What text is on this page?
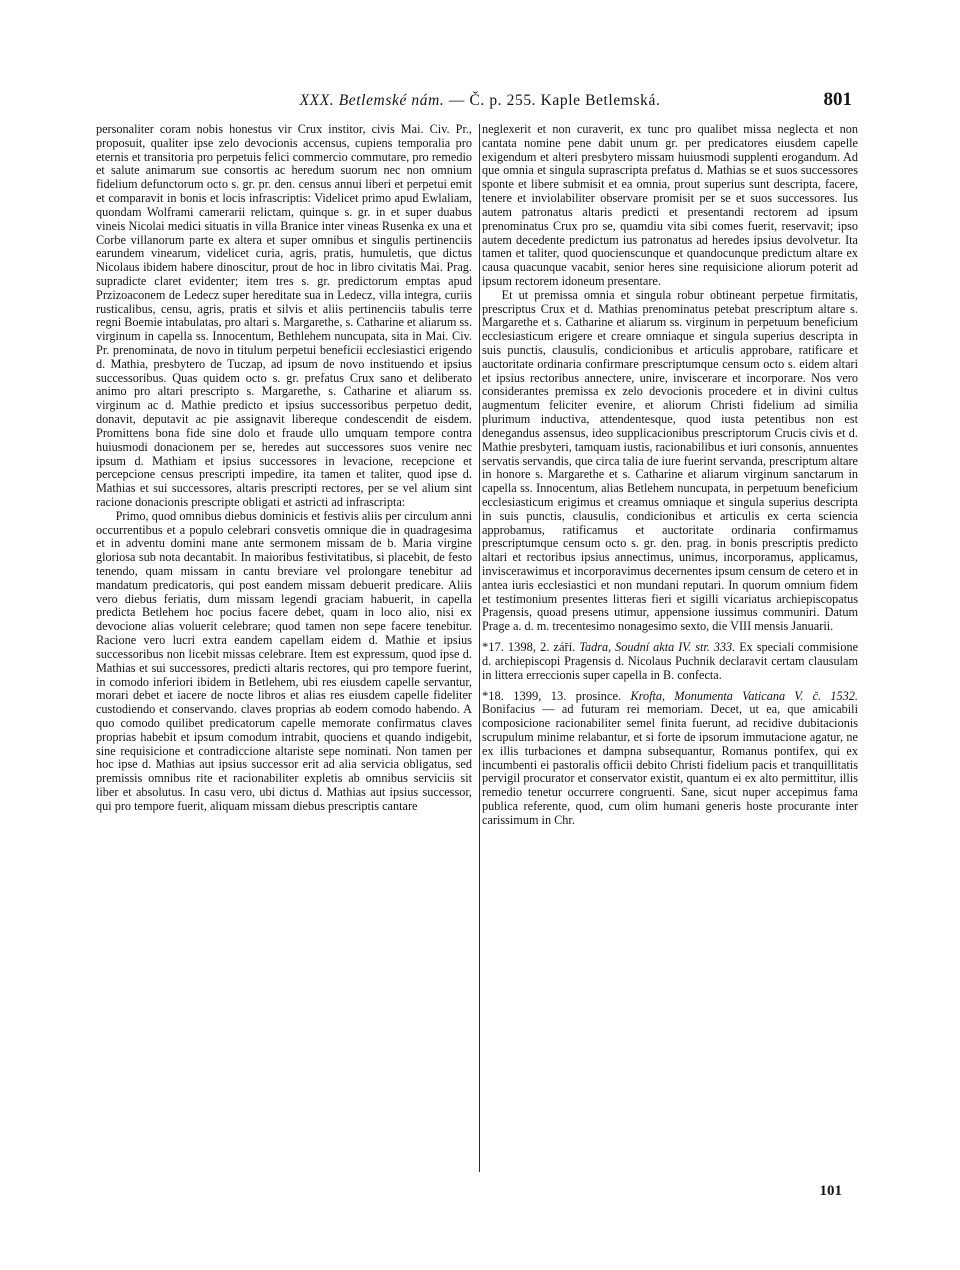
XXX. Betlemské nám. — Č. p. 255. Kaple Betlemská.	801

personaliter coram nobis honestus vir Crux institor, civis Mai. Civ. Pr., proposuit, qualiter ipse zelo devocionis accensus, cupiens temporalia pro eternis et transitoria pro perpetuis felici commercio commutare, pro remedio et salute animarum sue consortis ac heredum suorum nec non omnium fidelium defunctorum octo s. gr. pr. den. census annui liberi et perpetui emit et comparavit in bonis et locis infrascriptis: Videlicet primo apud Ewlaliam, quondam Wolframi camerarii relictam, quinque s. gr. in et super duabus vineis Nicolai medici situatis in villa Branice inter vineas Rusenka ex una et Corbe villanorum parte ex altera et super omnibus et singulis pertinenciis earundem vinearum, videlicet curia, agris, pratis, humuletis, que dictus Nicolaus ibidem habere dinoscitur, prout de hoc in libro civitatis Mai. Prag. supradicte claret evidenter; item tres s. gr. predictorum emptas apud Przizoaconem de Ledecz super hereditate sua in Ledecz, villa integra, curiis rusticalibus, censu, agris, pratis et silvis et aliis pertinenciis tabulis terre regni Boemie intabulatas, pro altari s. Margarethe, s. Catharine et aliarum ss. virginum in capella ss. Innocentum, Bethlehem nuncupata, sita in Mai. Civ. Pr. prenominata, de novo in titulum perpetui beneficii ecclesiastici erigendo d. Mathia, presbytero de Tuczap, ad ipsum de novo instituendo et ipsius successoribus. Quas quidem octo s. gr. prefatus Crux sano et deliberato animo pro altari prescripto s. Margarethe, s. Catharine et aliarum ss. virginum ac d. Mathie predicto et ipsius successoribus perpetuo dedit, donavit, deputavit ac pie assignavit libereque condescendit de eisdem. Promittens bona fide sine dolo et fraude ullo umquam tempore contra huiusmodi donacionem per se, heredes aut successores suos venire nec ipsum d. Mathiam et ipsius successores in levacione, recepcione et percepcione census prescripti impedire, ita tamen et taliter, quod ipse d. Mathias et sui successores, altaris prescripti rectores, per se vel alium sint racione donacionis prescripte obligati et astricti ad infrascripta:

Primo, quod omnibus diebus dominicis et festivis aliis per circulum anni occurrentibus et a populo celebrari consvetis omnique die in quadragesima et in adventu domini mane ante sermonem missam de b. Maria virgine gloriosa sub nota decantabit. In maioribus festivitatibus, si placebit, de festo tenendo, quam missam in cantu breviare vel prolongare tenebitur ad mandatum predicatoris, qui post eandem missam debuerit predicare. Aliis vero diebus feriatis, dum missam legendi graciam habuerit, in capella predicta Betlehem hoc pocius facere debet, quam in loco alio, nisi ex devocione alias voluerit celebrare; quod tamen non sepe facere tenebitur. Racione vero lucri extra eandem capellam eidem d. Mathie et ipsius successoribus non licebit missas celebrare. Item est expressum, quod ipse d. Mathias et sui successores, predicti altaris rectores, qui pro tempore fuerint, in comodo inferiori ibidem in Betlehem, ubi res eiusdem capelle servantur, morari debet et iacere de nocte libros et alias res eiusdem capelle fideliter custodiendo et conservando. claves proprias ab eodem comodo habendo. A quo comodo quilibet predicatorum capelle memorate confirmatus claves proprias habebit et ipsum comodum intrabit, quociens et quando indigebit, sine requisicione et contradiccione altariste sepe nominati. Non tamen per hoc ipse d. Mathias aut ipsius successor erit ad alia servicia obligatus, sed premissis omnibus rite et racionabiliter expletis ab omnibus serviciis sit liber et absolutus. In casu vero, ubi dictus d. Mathias aut ipsius successor, qui pro tempore fuerit, aliquam missam diebus prescriptis cantare

neglexerit et non curaverit, ex tunc pro qualibet missa neglecta et non cantata nomine pene dabit unum gr. per predicatores eiusdem capelle exigendum et alteri presbytero missam huiusmodi supplenti erogandum. Ad que omnia et singula suprascripta prefatus d. Mathias se et suos successores sponte et libere submisit et ea omnia, prout superius sunt descripta, facere, tenere et inviolabiliter observare promisit per se et suos successores. Ius autem patronatus altaris predicti et presentandi rectorem ad ipsum prenominatus Crux pro se, quamdiu vita sibi comes fuerit, reservavit; ipso autem decedente predictum ius patronatus ad heredes ipsius devolvetur. Ita tamen et taliter, quod quocienscunque et quandocunque predictum altare ex causa quacunque vacabit, senior heres sine requisicione aliorum poterit ad ipsum rectorem idoneum presentare.

Et ut premissa omnia et singula robur obtineant perpetue firmitatis, prescriptus Crux et d. Mathias prenominatus petebat prescriptum altare s. Margarethe et s. Catharine et aliarum ss. virginum in perpetuum beneficium ecclesiasticum erigere et creare omniaque et singula superius descripta in suis punctis, clausulis, condicionibus et articulis approbare, ratificare et auctoritate ordinaria confirmare prescriptumque censum octo s. eidem altari et ipsius rectoribus annectere, unire, inviscerare et incorporare. Nos vero considerantes premissa ex zelo devocionis procedere et in divini cultus augmentum feliciter evenire, et aliorum Christi fidelium ad similia plurimum inductiva, attendentesque, quod iusta petentibus non est denegandus assensus, ideo supplicacionibus prescriptorum Crucis civis et d. Mathie presbyteri, tamquam iustis, racionabilibus et iuri consonis, annuentes servatis servandis, que circa talia de iure fuerint servanda, prescriptum altare in honore s. Margarethe et s. Catharine et aliarum virginum sanctarum in capella ss. Innocentum, alias Betlehem nuncupata, in perpetuum beneficium ecclesiasticum erigimus et creamus omniaque et singula superius descripta in suis punctis, clausulis, condicionibus et articulis ex certa sciencia approbamus, ratificamus et auctoritate ordinaria confirmamus prescriptumque censum octo s. gr. den. prag. in bonis prescriptis predicto altari et rectoribus ipsius annectimus, unimus, incorporamus, applicamus, inviscerawimus et incorporavimus decernentes ipsum censum de cetero et in antea iuris ecclesiastici et non mundani reputari. In quorum omnium fidem et testimonium presentes litteras fieri et sigilli vicariatus archiepiscopatus Pragensis, quoad presens utimur, appensione iussimus communiri. Datum Prage a. d. m. trecentesimo nonagesimo sexto, die VIII mensis Januarii.

*17. 1398, 2. září. Tadra, Soudní akta IV. str. 333. Ex speciali commisione d. archiepiscopi Pragensis d. Nicolaus Puchnik declaravit certam clausulam in littera erreccionis super capella in B. confecta.

*18. 1399, 13. prosince. Krofta, Monumenta Vaticana V. č. 1532. Bonifacius — ad futuram rei memoriam. Decet, ut ea, que amicabili composicione racionabiliter semel finita fuerunt, ad recidive dubitacionis scrupulum minime relabantur, et si forte de ipsorum immutacione agatur, ne ex illis turbaciones et dampna subsequantur, Romanus pontifex, qui ex incumbenti ei pastoralis officii debito Christi fidelium pacis et tranquillitatis pervigil procurator et conservator existit, quantum ei ex alto permittitur, illis remedio tenetur occurrere congruenti. Sane, sicut nuper accepimus fama publica referente, quod, cum olim humani generis hoste procurante inter carissimum in Chr.

101
